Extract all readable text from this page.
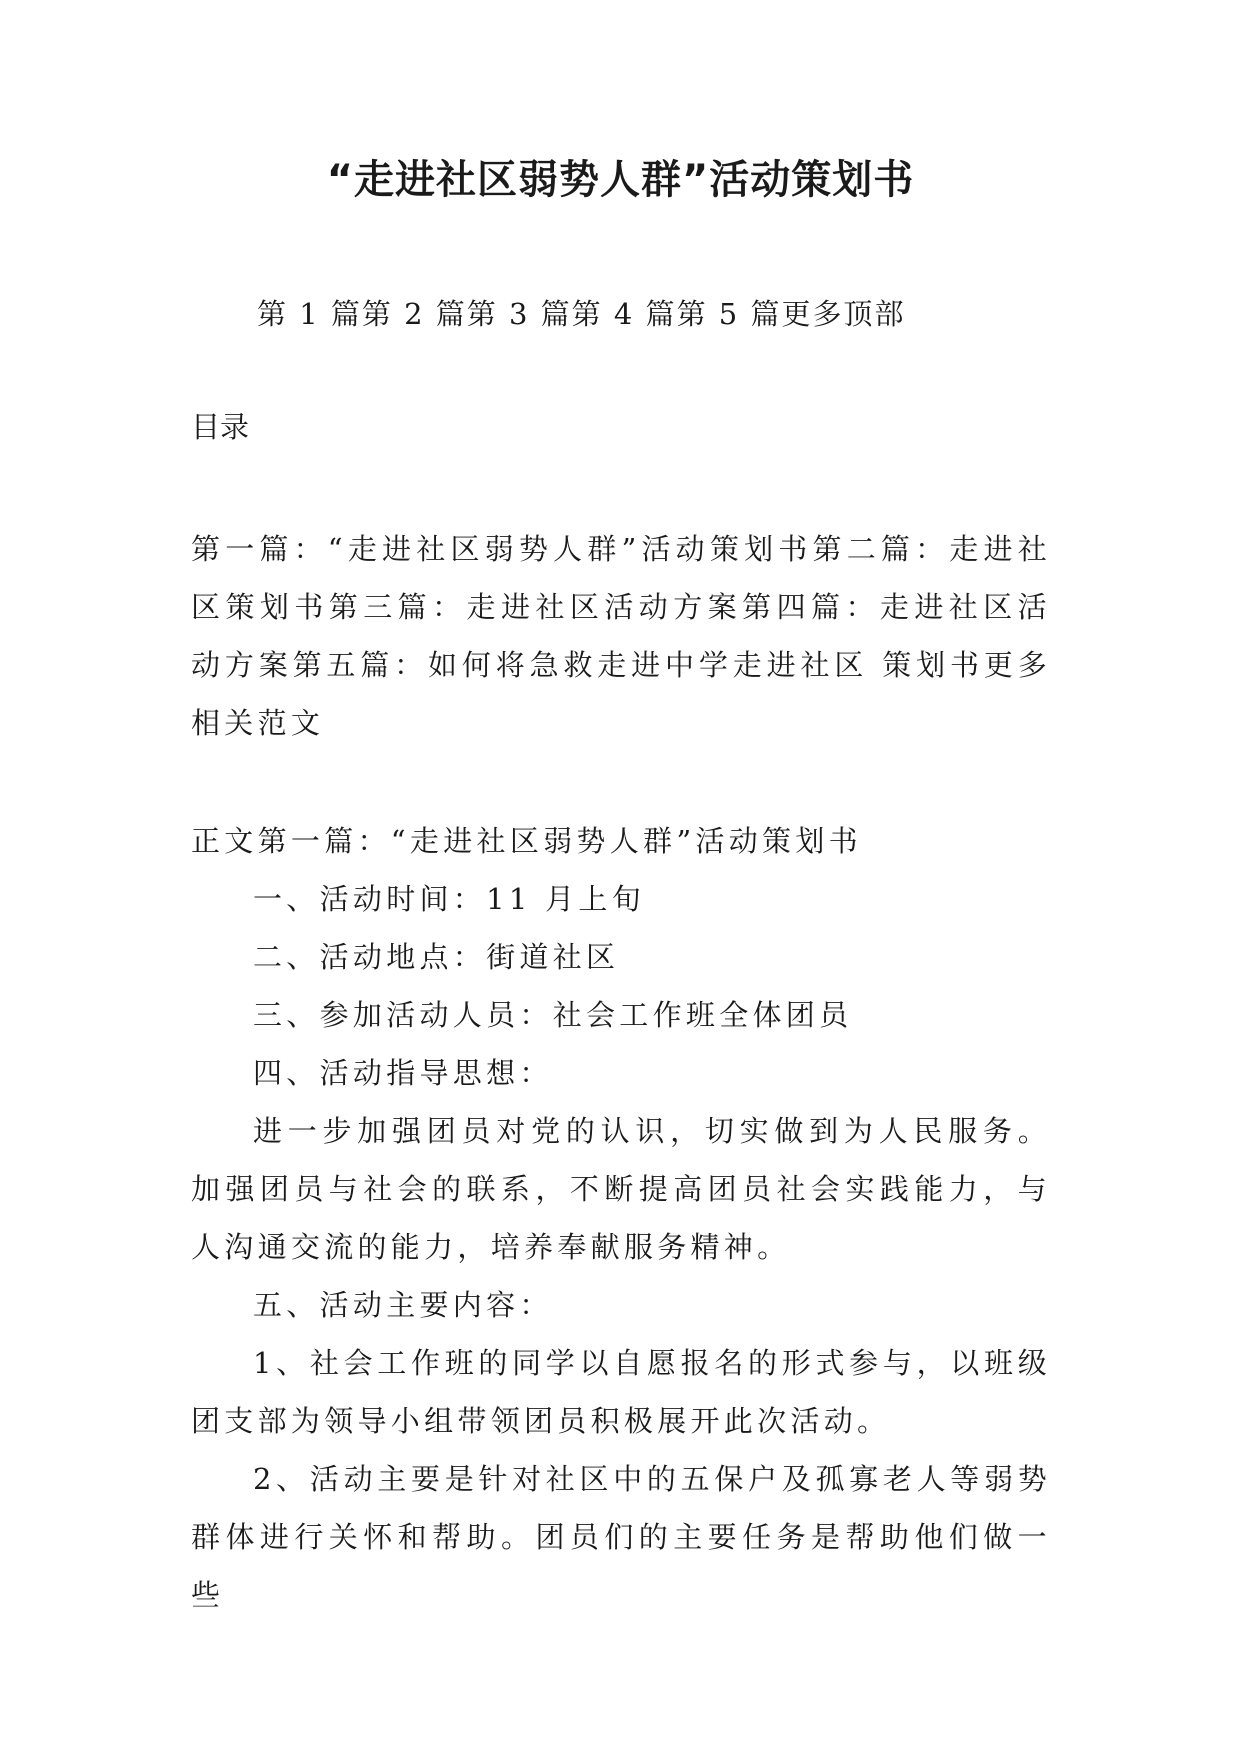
“走进社区弱势人群”活动策划书
第 1 篇第 2 篇第 3 篇第 4 篇第 5 篇更多顶部
目录
第一篇：“走进社区弱势人群”活动策划书第二篇：走进社区策划书第三篇：走进社区活动方案第四篇：走进社区活动方案第五篇：如何将急救走进中学走进社区 策划书更多相关范文

正文第一篇：“走进社区弱势人群”活动策划书

一、活动时间：11 月上旬

二、活动地点：街道社区

三、参加活动人员：社会工作班全体团员

四、活动指导思想：

进一步加强团员对党的认识，切实做到为人民服务。加强团员与社会的联系，不断提高团员社会实践能力，与人沟通交流的能力，培养奉献服务精神。

五、活动主要内容：

1、社会工作班的同学以自愿报名的形式参与，以班级团支部为领导小组带领团员积极展开此次活动。

2、活动主要是针对社区中的五保户及孤寡老人等弱势群体进行关怀和帮助。团员们的主要任务是帮助他们做一些
